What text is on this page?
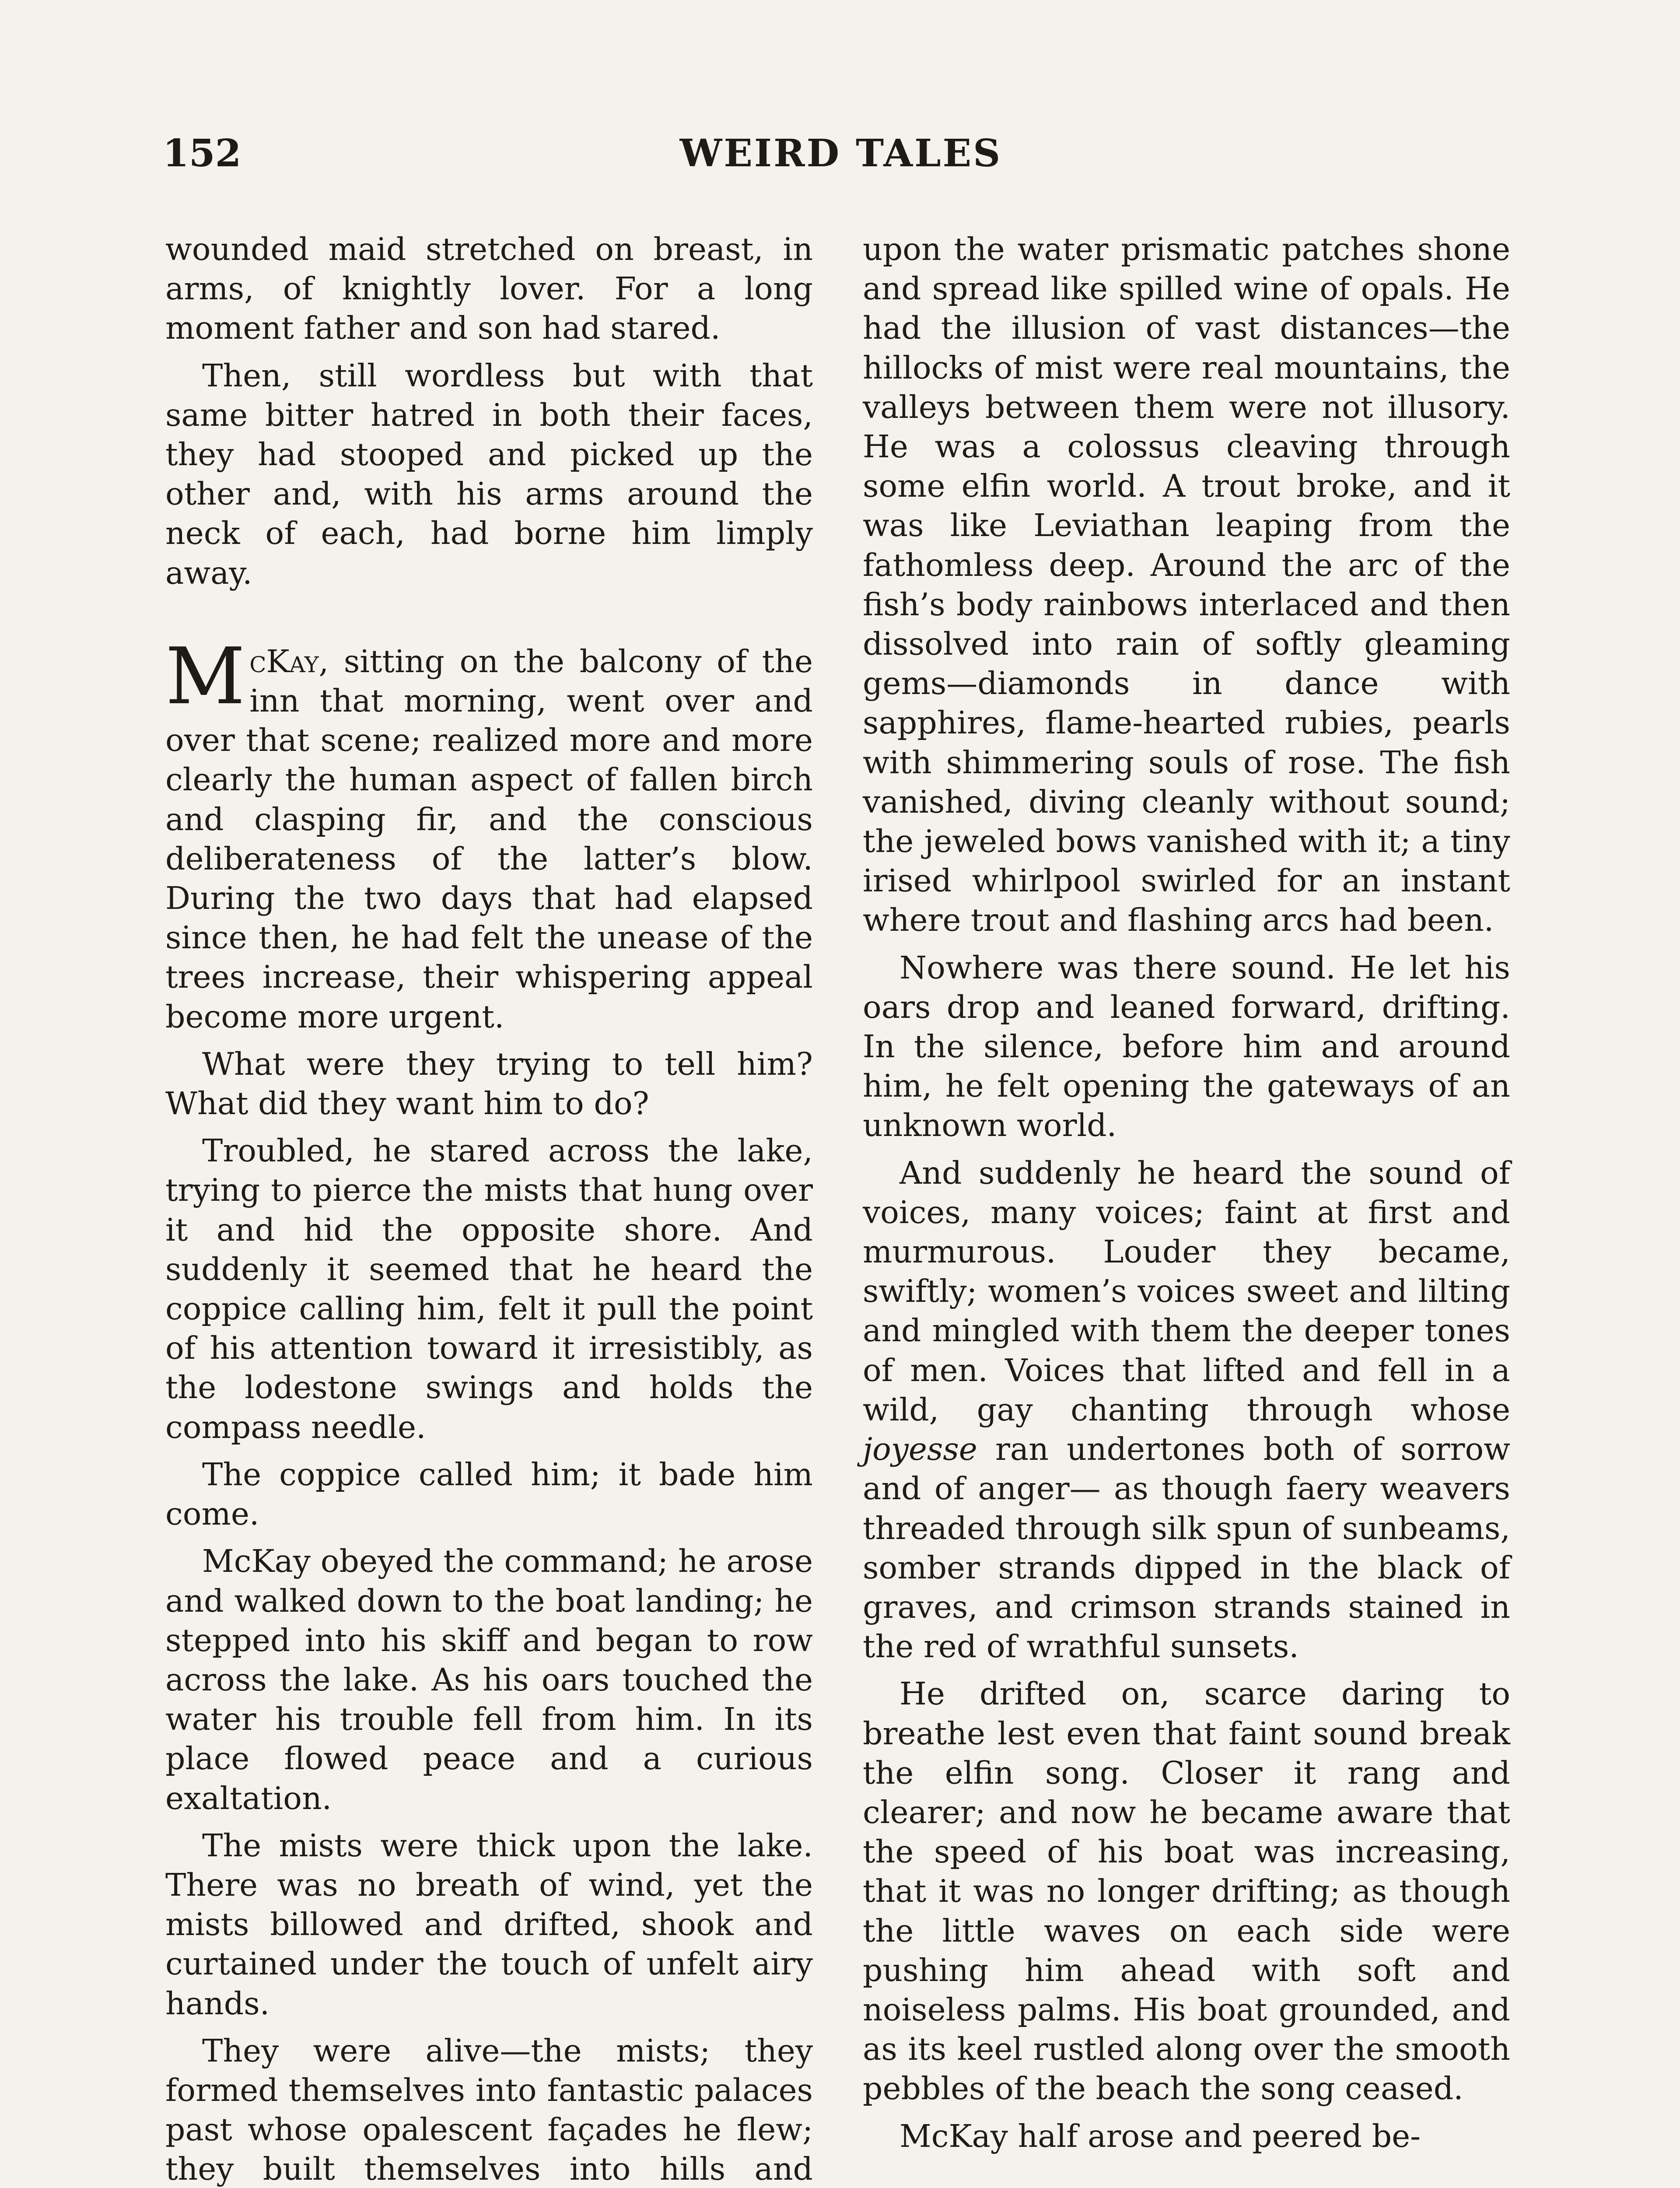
152	WEIRD TALES

wounded maid stretched on breast, in arms, of knightly lover. For a long moment father and son had stared.

Then, still wordless but with that same bitter hatred in both their faces, they had stooped and picked up the other and, with his arms around the neck of each, had borne him limply away.

McKay, sitting on the balcony of the inn that morning, went over and over that scene; realized more and more clearly the human aspect of fallen birch and clasping fir, and the conscious deliberateness of the latter’s blow. During the two days that had elapsed since then, he had felt the unease of the trees increase, their whispering appeal become more urgent.

What were they trying to tell him? What did they want him to do?

Troubled, he stared across the lake, trying to pierce the mists that hung over it and hid the opposite shore. And suddenly it seemed that he heard the coppice calling him, felt it pull the point of his attention toward it irresistibly, as the lodestone swings and holds the compass needle.

The coppice called him; it bade him come.

McKay obeyed the command; he arose and walked down to the boat landing; he stepped into his skiff and began to row across the lake. As his oars touched the water his trouble fell from him. In its place flowed peace and a curious exaltation.

The mists were thick upon the lake. There was no breath of wind, yet the mists billowed and drifted, shook and curtained under the touch of unfelt airy hands.

They were alive—the mists; they formed themselves into fantastic palaces past whose opalescent façades he flew; they built themselves into hills and

upon the water prismatic patches shone and spread like spilled wine of opals. He had the illusion of vast distances—the hillocks of mist were real mountains, the valleys between them were not illusory. He was a colossus cleaving through some elfin world. A trout broke, and it was like Leviathan leaping from the fathomless deep. Around the arc of the fish’s body rainbows interlaced and then dissolved into rain of softly gleaming gems—diamonds in dance with sapphires, flame-hearted rubies, pearls with shimmering souls of rose. The fish vanished, diving cleanly without sound; the jeweled bows vanished with it; a tiny irised whirlpool swirled for an instant where trout and flashing arcs had been.

Nowhere was there sound. He let his oars drop and leaned forward, drifting. In the silence, before him and around him, he felt opening the gateways of an unknown world.

And suddenly he heard the sound of voices, many voices; faint at first and murmurous. Louder they became, swiftly; women’s voices sweet and lilting and mingled with them the deeper tones of men. Voices that lifted and fell in a wild, gay chanting through whose joyesse ran undertones both of sorrow and of anger— as though faery weavers threaded through silk spun of sunbeams, somber strands dipped in the black of graves, and crimson strands stained in the red of wrathful sunsets.

He drifted on, scarce daring to breathe lest even that faint sound break the elfin song. Closer it rang and clearer; and now he became aware that the speed of his boat was increasing, that it was no longer drifting; as though the little waves on each side were pushing him ahead with soft and noiseless palms. His boat grounded, and as its keel rustled along over the smooth pebbles of the beach the song ceased.

McKay half arose and peered be-
